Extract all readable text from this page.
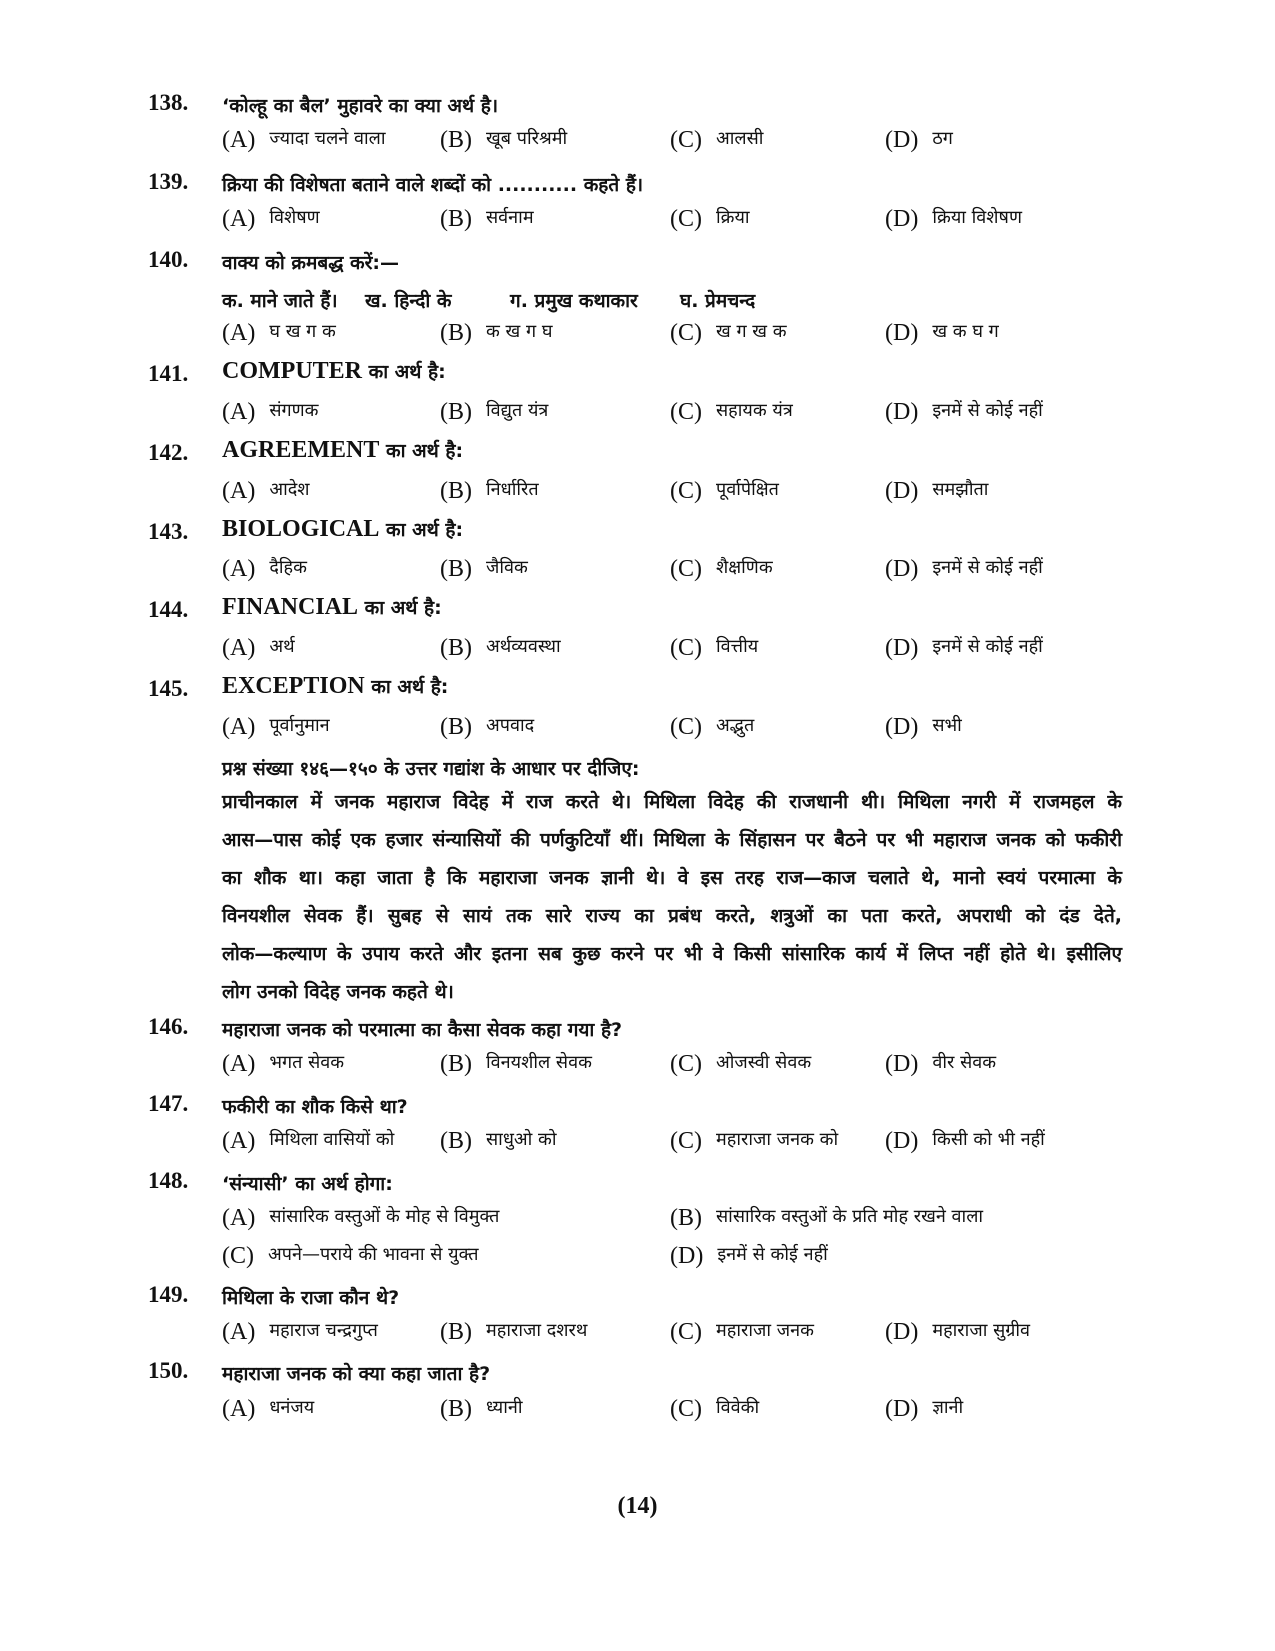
138. ‘कोल्हू का बैल’ मुहावरे का क्या अर्थ है।
(A) ज्यादा चलने वाला (B) खूब परिश्रमी	(C) आलसी	(D) ठग
139. क्रिया की विशेषता बताने वाले शब्दों को ........... कहते हैं।
(A) विशेषण	(B) सर्वनाम	(C) क्रिया	(D) क्रिया विशेषण
140. वाक्य को क्रमबद्ध करें:—
क. माने जाते हैं। ख. हिन्दी के	ग. प्रमुख कथाकार घ. प्रेमचन्द
(A) घ ख ग क	(B) क ख ग घ	(C) ख ग ख क	(D) ख क घ ग
141. COMPUTER का अर्थ है:
(A) संगणक	(B) विद्युत यंत्र	(C) सहायक यंत्र	(D) इनमें से कोई नहीं
142. AGREEMENT का अर्थ है:
(A) आदेश	(B) निर्धारित	(C) पूर्वापेक्षित	(D) समझौता
143. BIOLOGICAL का अर्थ है:
(A) दैहिक	(B) जैविक	(C) शैक्षणिक	(D) इनमें से कोई नहीं
144. FINANCIAL का अर्थ है:
(A) अर्थ	(B) अर्थव्यवस्था	(C) वित्तीय	(D) इनमें से कोई नहीं
145. EXCEPTION का अर्थ है:
(A) पूर्वानुमान	(B) अपवाद	(C) अद्भुत	(D) सभी
प्रश्न संख्या १४६—१५० के उत्तर गद्यांश के आधार पर दीजिए:

प्राचीनकाल में जनक महाराज विदेह में राज करते थे। मिथिला विदेह की राजधानी थी। मिथिला नगरी में राजमहल के

आस—पास कोई एक हजार संन्यासियों की पर्णकुटियाँ थीं। मिथिला के सिंहासन पर बैठने पर भी महाराज जनक को फकीरी

का शौक था। कहा जाता है कि महाराजा जनक ज्ञानी थे। वे इस तरह राज—काज चलाते थे, मानो स्वयं परमात्मा के

विनयशील सेवक हैं। सुबह से सायं तक सारे राज्य का प्रबंध करते, शत्रुओं का पता करते, अपराधी को दंड देते,

लोक—कल्याण के उपाय करते और इतना सब कुछ करने पर भी वे किसी सांसारिक कार्य में लिप्त नहीं होते थे। इसीलिए

लोग उनको विदेह जनक कहते थे।

146. महाराजा जनक को परमात्मा का कैसा सेवक कहा गया है?
(A) भगत सेवक	(B) विनयशील सेवक	(C) ओजस्वी सेवक	(D) वीर सेवक
147. फकीरी का शौक किसे था?
(A) मिथिला वासियों को (B) साधुओ को	(C) महाराजा जनक को (D) किसी को भी नहीं
148. ‘संन्यासी’ का अर्थ होगा:
(A) सांसारिक वस्तुओं के मोह से विमुक्त	(B) सांसारिक वस्तुओं के प्रति मोह रखने वाला
(C) अपने—पराये की भावना से युक्त	(D) इनमें से कोई नहीं
149. मिथिला के राजा कौन थे?
(A) महाराज चन्द्रगुप्त	(B) महाराजा दशरथ	(C) महाराजा जनक	(D) महाराजा सुग्रीव
150. महाराजा जनक को क्या कहा जाता है?
(A) धनंजय	(B) ध्यानी	(C) विवेकी	(D) ज्ञानी
(14)
